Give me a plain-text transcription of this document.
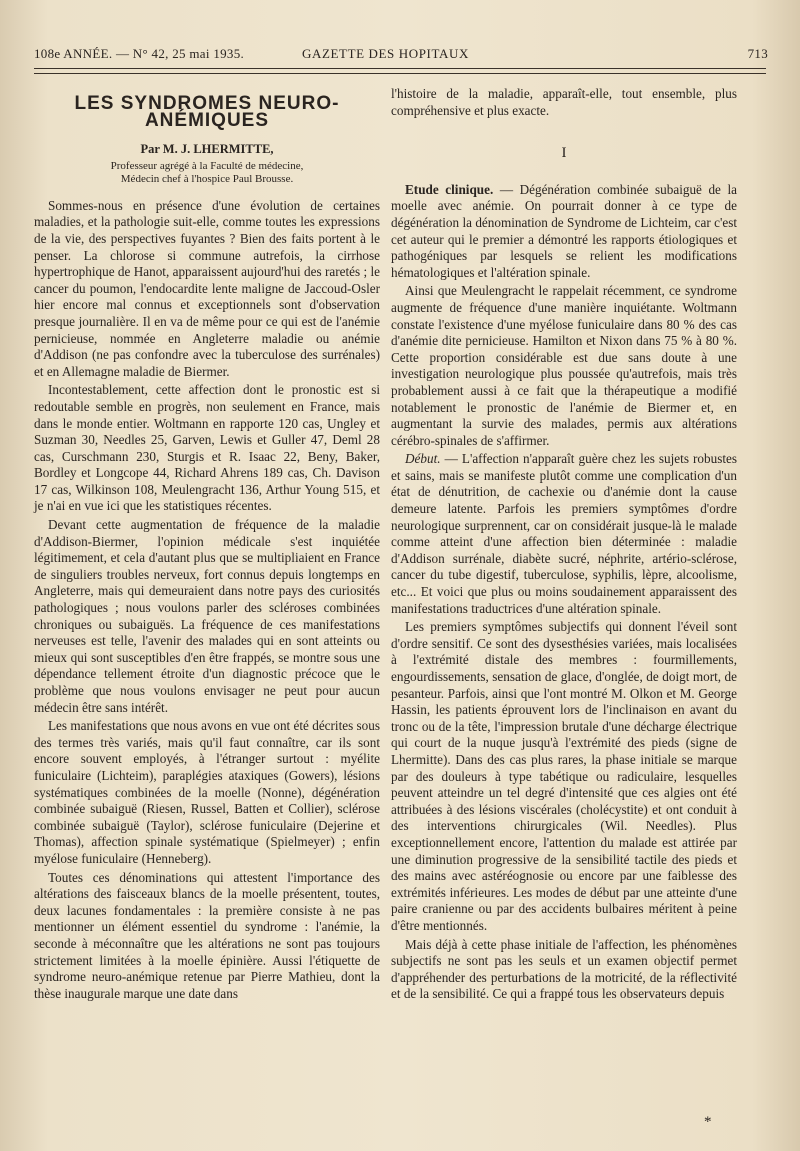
108e ANNÉE. — N° 42, 25 mai 1935.	GAZETTE DES HOPITAUX	713
LES SYNDROMES NEURO-ANÉMIQUES
Par M. J. LHERMITTE,
Professeur agrégé à la Faculté de médecine,
Médecin chef à l'hospice Paul Brousse.

Sommes-nous en présence d'une évolution de certaines maladies, et la pathologie suit-elle, comme toutes les expressions de la vie, des perspectives fuyantes ? Bien des faits portent à le penser. La chlorose si commune autrefois, la cirrhose hypertrophique de Hanot, apparaissent aujourd'hui des raretés ; le cancer du poumon, l'endocardite lente maligne de Jaccoud-Osler hier encore mal connus et exceptionnels sont d'observation presque journalière. Il en va de même pour ce qui est de l'anémie pernicieuse, nommée en Angleterre maladie ou anémie d'Addison (ne pas confondre avec la tuberculose des surrénales) et en Allemagne maladie de Biermer.

Incontestablement, cette affection dont le pronostic est si redoutable semble en progrès, non seulement en France, mais dans le monde entier. Woltmann en rapporte 120 cas, Ungley et Suzman 30, Needles 25, Garven, Lewis et Guller 47, Deml 28 cas, Curschmann 230, Sturgis et R. Isaac 22, Beny, Baker, Bordley et Longcope 44, Richard Ahrens 189 cas, Ch. Davison 17 cas, Wilkinson 108, Meulengracht 136, Arthur Young 515, et je n'ai en vue ici que les statistiques récentes.

Devant cette augmentation de fréquence de la maladie d'Addison-Biermer, l'opinion médicale s'est inquiétée légitimement, et cela d'autant plus que se multipliaient en France de singuliers troubles nerveux, fort connus depuis longtemps en Angleterre, mais qui demeuraient dans notre pays des curiosités pathologiques ; nous voulons parler des scléroses combinées chroniques ou subaiguës. La fréquence de ces manifestations nerveuses est telle, l'avenir des malades qui en sont atteints ou mieux qui sont susceptibles d'en être frappés, se montre sous une dépendance tellement étroite d'un diagnostic précoce que le problème que nous voulons envisager ne peut pour aucun médecin être sans intérêt.

Les manifestations que nous avons en vue ont été décrites sous des termes très variés, mais qu'il faut connaître, car ils sont encore souvent employés, à l'étranger surtout : myélite funiculaire (Lichteim), paraplégies ataxiques (Gowers), lésions systématiques combinées de la moelle (Nonne), dégénération combinée subaiguë (Riesen, Russel, Batten et Collier), sclérose combinée subaiguë (Taylor), sclérose funiculaire (Dejerine et Thomas), affection spinale systématique (Spielmeyer) ; enfin myélose funiculaire (Henneberg).

Toutes ces dénominations qui attestent l'importance des altérations des faisceaux blancs de la moelle présentent, toutes, deux lacunes fondamentales : la première consiste à ne pas mentionner un élément essentiel du syndrome : l'anémie, la seconde à méconnaître que les altérations ne sont pas toujours strictement limitées à la moelle épinière. Aussi l'étiquette de syndrome neuro-anémique retenue par Pierre Mathieu, dont la thèse inaugurale marque une date dans

l'histoire de la maladie, apparaît-elle, tout ensemble, plus compréhensive et plus exacte.

I

Etude clinique. — Dégénération combinée subaiguë de la moelle avec anémie. On pourrait donner à ce type de dégénération la dénomination de Syndrome de Lichteim, car c'est cet auteur qui le premier a démontré les rapports étiologiques et pathogéniques par lesquels se relient les modifications hématologiques et l'altération spinale.

Ainsi que Meulengracht le rappelait récemment, ce syndrome augmente de fréquence d'une manière inquiétante. Woltmann constate l'existence d'une myélose funiculaire dans 80 % des cas d'anémie dite pernicieuse. Hamilton et Nixon dans 75 % à 80 %. Cette proportion considérable est due sans doute à une investigation neurologique plus poussée qu'autrefois, mais très probablement aussi à ce fait que la thérapeutique a modifié notablement le pronostic de l'anémie de Biermer et, en augmentant la survie des malades, permis aux altérations cérébro-spinales de s'affirmer.

Début. — L'affection n'apparaît guère chez les sujets robustes et sains, mais se manifeste plutôt comme une complication d'un état de dénutrition, de cachexie ou d'anémie dont la cause demeure latente. Parfois les premiers symptômes d'ordre neurologique surprennent, car on considérait jusque-là le malade comme atteint d'une affection bien déterminée : maladie d'Addison surrénale, diabète sucré, néphrite, artério-sclérose, cancer du tube digestif, tuberculose, syphilis, lèpre, alcoolisme, etc... Et voici que plus ou moins soudainement apparaissent des manifestations traductrices d'une altération spinale.

Les premiers symptômes subjectifs qui donnent l'éveil sont d'ordre sensitif. Ce sont des dysesthésies variées, mais localisées à l'extrémité distale des membres : fourmillements, engourdissements, sensation de glace, d'onglée, de doigt mort, de pesanteur. Parfois, ainsi que l'ont montré M. Olkon et M. George Hassin, les patients éprouvent lors de l'inclinaison en avant du tronc ou de la tête, l'impression brutale d'une décharge électrique qui court de la nuque jusqu'à l'extrémité des pieds (signe de Lhermitte). Dans des cas plus rares, la phase initiale se marque par des douleurs à type tabétique ou radiculaire, lesquelles peuvent atteindre un tel degré d'intensité que ces algies ont été attribuées à des lésions viscérales (cholécystite) et ont conduit à des interventions chirurgicales (Wil. Needles). Plus exceptionnellement encore, l'attention du malade est attirée par une diminution progressive de la sensibilité tactile des pieds et des mains avec astéréognosie ou encore par une faiblesse des extrémités inférieures. Les modes de début par une atteinte d'une paire cranienne ou par des accidents bulbaires méritent à peine d'être mentionnés.

Mais déjà à cette phase initiale de l'affection, les phénomènes subjectifs ne sont pas les seuls et un examen objectif permet d'appréhender des perturbations de la motricité, de la réflectivité et de la sensibilité. Ce qui a frappé tous les observateurs depuis

*
